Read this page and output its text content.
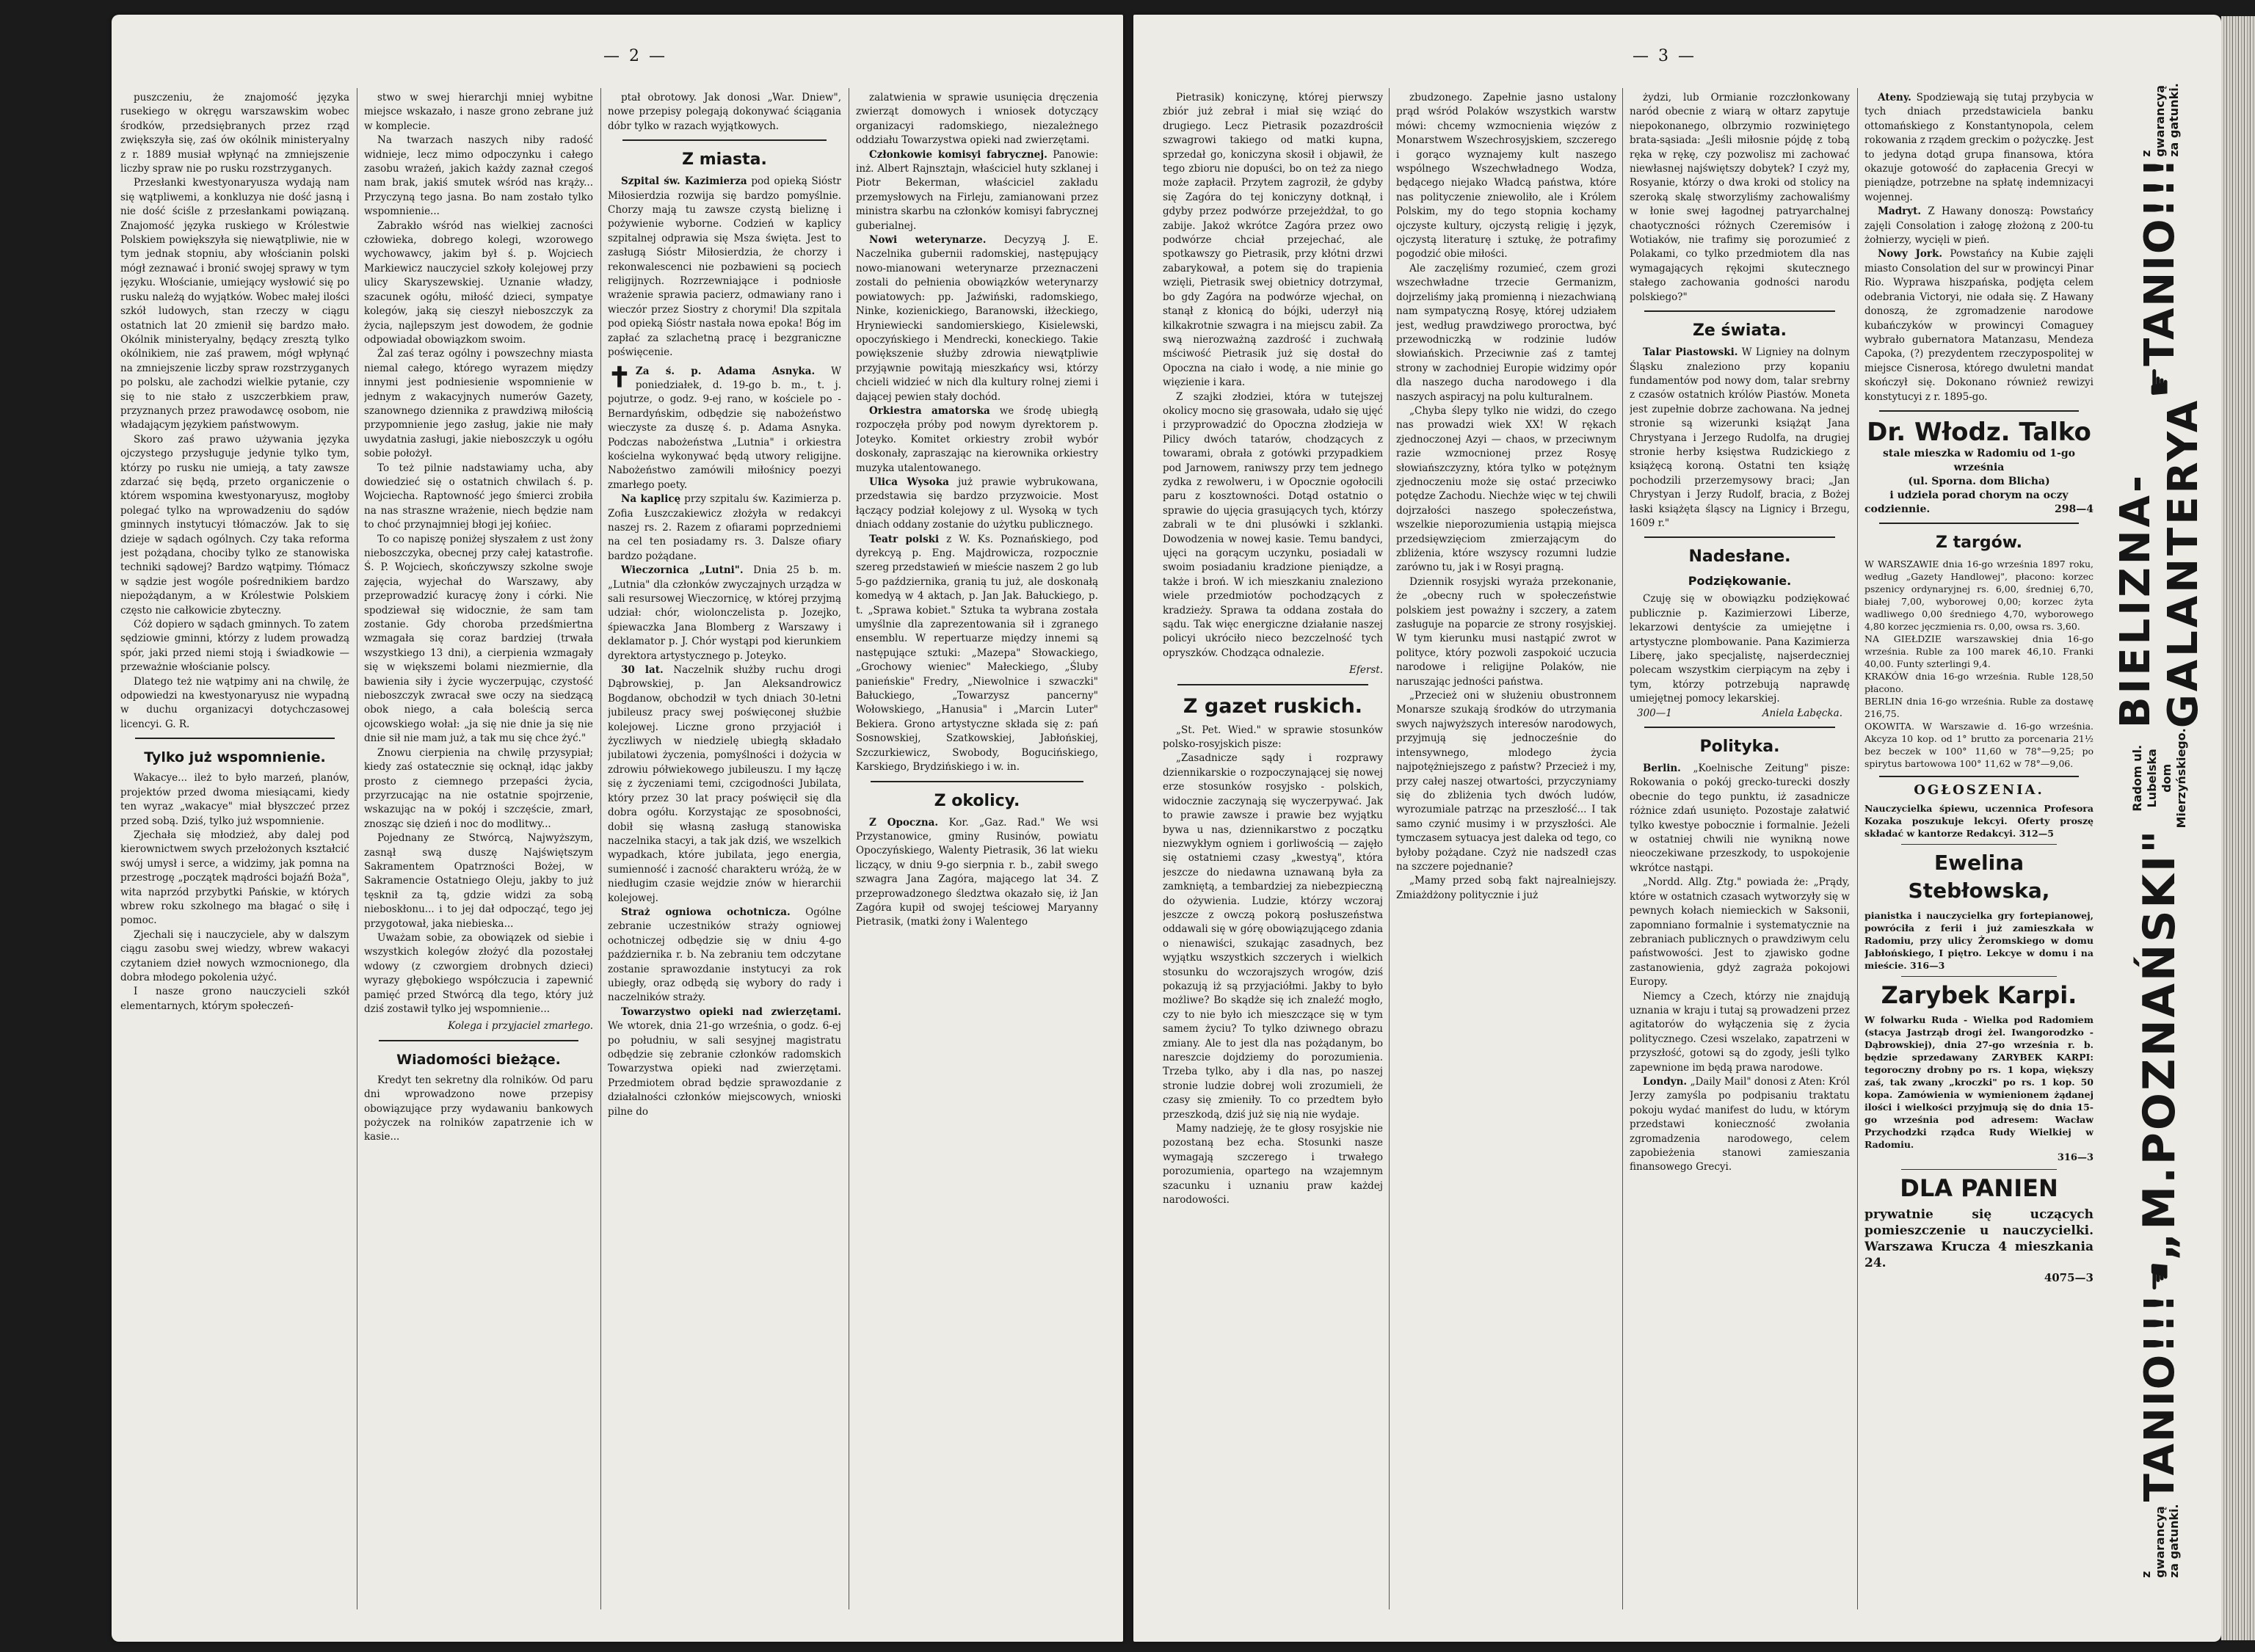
— 2 —

puszczeniu, że znajomość języka rusekiego w okręgu warszawskim wobec środków, przedsiębranych przez rząd zwiększyła się, zaś ów okólnik ministeryalny z r. 1889 musiał wpłynąć na zmniejszenie liczby spraw nie po rusku rozstrzyganych.

Przesłanki kwestyonaryusza wydają nam się wątpliwemi, a konkluzya nie dość jasną i nie dość ściśle z przesłankami powiązaną. Znajomość języka ruskiego w Królestwie Polskiem powiększyła się niewątpliwie, nie w tym jednak stopniu, aby włościanin polski mógł zeznawać i bronić swojej sprawy w tym języku. Włościanie, umiejący wysłowić się po rusku należą do wyjątków. Wobec małej ilości szkół ludowych, stan rzeczy w ciągu ostatnich lat 20 zmienił się bardzo mało. Okólnik ministeryalny, będący zresztą tylko okólnikiem, nie zaś prawem, mógł wpłynąć na zmniejszenie liczby spraw rozstrzyganych po polsku, ale zachodzi wielkie pytanie, czy się to nie stało z uszczerbkiem praw, przyznanych przez prawodawcę osobom, nie władającym językiem państwowym.

Skoro zaś prawo używania języka ojczystego przysługuje jedynie tylko tym, którzy po rusku nie umieją, a taty zawsze zdarzać się będą, przeto organiczenie o którem wspomina kwestyonaryusz, mogłoby polegać tylko na wprowadzeniu do sądów gminnych instytucyi tłómaczów. Jak to się dzieje w sądach ogólnych. Czy taka reforma jest pożądana, chociby tylko ze stanowiska techniki sądowej? Bardzo wątpimy. Tłómacz w sądzie jest wogóle pośrednikiem bardzo niepożądanym, a w Królestwie Polskiem często nie całkowicie zbyteczny.

Cóż dopiero w sądach gminnych. To zatem sędziowie gminni, którzy z ludem prowadzą spór, jaki przed niemi stoją i świadkowie — przeważnie włościanie polscy.

Dlatego też nie wątpimy ani na chwilę, że odpowiedzi na kwestyonaryusz nie wypadną w duchu organizacyi dotychczasowej licencyi. G. R.

Tylko już wspomnienie.

Wakacye... ileż to było marzeń, planów, projektów przed dwoma miesiącami, kiedy ten wyraz „wakacye" miał błyszczeć przez przed sobą. Dziś, tylko już wspomnienie.

Zjechała się młodzież, aby dalej pod kierownictwem swych przełożonych kształcić swój umysł i serce, a widzimy, jak pomna na przestrogę „początek mądrości bojaźń Boża", wita naprzód przybytki Pańskie, w których wbrew roku szkolnego ma błagać o siłę i pomoc.

Zjechali się i nauczyciele, aby w dalszym ciągu zasobu swej wiedzy, wbrew wakacyi czytaniem dzieł nowych wzmocnionego, dla dobra młodego pokolenia użyć.

I nasze grono nauczycieli szkół elementarnych, którym społeczeń-

stwo w swej hierarchji mniej wybitne miejsce wskazało, i nasze grono zebrane już w komplecie.

Na twarzach naszych niby radość widnieje, lecz mimo odpoczynku i całego zasobu wrażeń, jakich każdy zaznał czegoś nam brak, jakiś smutek wśród nas krąży... Przyczyną tego jasna. Bo nam zostało tylko wspomnienie...

Zabrakło wśród nas wielkiej zacności człowieka, dobrego kolegi, wzorowego wychowawcy, jakim był ś. p. Wojciech Markiewicz nauczyciel szkoły kolejowej przy ulicy Skaryszewskiej. Uznanie władzy, szacunek ogółu, miłość dzieci, sympatye kolegów, jaką się cieszył nieboszczyk za życia, najlepszym jest dowodem, że godnie odpowiadał obowiązkom swoim.

Żal zaś teraz ogólny i powszechny miasta niemal całego, którego wyrazem między innymi jest podniesienie wspomnienie w jednym z wakacyjnych numerów Gazety, szanownego dziennika z prawdziwą miłością przypomnienie jego zasług, jakie nie mały uwydatnia zasługi, jakie nieboszczyk u ogółu sobie położył.

To też pilnie nadstawiamy ucha, aby dowiedzieć się o ostatnich chwilach ś. p. Wojciecha. Raptowność jego śmierci zrobiła na nas straszne wrażenie, niech będzie nam to choć przynajmniej błogi jej końiec.

To co napiszę poniżej słyszałem z ust żony nieboszczyka, obecnej przy całej katastrofie. Ś. P. Wojciech, skończywszy szkolne swoje zajęcia, wyjechał do Warszawy, aby przeprowadzić kuracyę żony i córki. Nie spodziewał się widocznie, że sam tam zostanie. Gdy choroba przedśmiertna wzmagała się coraz bardziej (trwała wszystkiego 13 dni), a cierpienia wzmagały się w większemi bolami niezmiernie, dla bawienia siły i życie wyczerpując, czystość nieboszczyk zwracał swe oczy na siedzącą obok niego, a cała boleścią serca ojcowskiego wołał: „ja się nie dnie ja się nie dnie sił nie mam już, a tak mu się chce żyć."

Znowu cierpienia na chwilę przysypiał; kiedy zaś ostatecznie się ocknął, idąc jakby prosto z ciemnego przepaści życia, przyrzucając na nie ostatnie spojrzenie, wskazując na w pokój i szczęście, zmarł, znosząc się dzień i noc do modlitwy...

Pojednany ze Stwórcą, Najwyższym, zasnął swą duszę Najświętszym Sakramentem Opatrzności Bożej, w Sakramencie Ostatniego Oleju, jakby to już tęsknił za tą, gdzie widzi za sobą nieboskłonu... i to jej dał odpocząć, tego jej przygotował, jaka niebieska...

Uważam sobie, za obowiązek od siebie i wszystkich kolegów złożyć dla pozostałej wdowy (z czworgiem drobnych dzieci) wyrazy głębokiego współczucia i zapewnić pamięć przed Stwórcą dla tego, który już dziś zostawił tylko jej wspomnienie...

Kolega i przyjaciel zmarłego.
Wiadomości bieżące.

Kredyt ten sekretny dla rolników. Od paru dni wprowadzono nowe przepisy obowiązujące przy wydawaniu bankowych pożyczek na rolników zapatrzenie ich w kasie...

ptał obrotowy. Jak donosi „War. Dniew", nowe przepisy polegają dokonywać ściągania dóbr tylko w razach wyjątkowych.

Z miasta.

Szpital św. Kazimierza pod opieką Sióstr Miłosierdzia rozwija się bardzo pomyślnie. Chorzy mają tu zawsze czystą bieliznę i pożywienie wyborne. Codzień w kaplicy szpitalnej odprawia się Msza święta. Jest to zasługą Sióstr Miłosierdzia, że chorzy i rekonwalescenci nie pozbawieni są pociech religijnych. Rozrzewniające i podniosłe wrażenie sprawia pacierz, odmawiany rano i wieczór przez Siostry z chorymi! Dla szpitala pod opieką Sióstr nastała nowa epoka! Bóg im zapłać za szlachetną pracę i bezgraniczne poświęcenie.

✝ Za ś. p. Adama Asnyka. W poniedziałek, d. 19-go b. m., t. j. pojutrze, o godz. 9-ej rano, w kościele po - Bernardyńskim, odbędzie się nabożeństwo wieczyste za duszę ś. p. Adama Asnyka. Podczas nabożeństwa „Lutnia" i orkiestra kościelna wykonywać będą utwory religijne. Nabożeństwo zamówili miłośnicy poezyi zmarłego poety.

Na kaplicę przy szpitalu św. Kazimierza p. Zofia Łuszczakiewicz złożyła w redakcyi naszej rs. 2. Razem z ofiarami poprzedniemi na cel ten posiadamy rs. 3. Dalsze ofiary bardzo pożądane.

Wieczornica „Lutni". Dnia 25 b. m. „Lutnia" dla członków zwyczajnych urządza w sali resursowej Wieczornicę, w której przyjmą udział: chór, wiolonczelista p. Jozejko, śpiewaczka Jana Blomberg z Warszawy i deklamator p. J. Chór wystąpi pod kierunkiem dyrektora artystycznego p. Joteyko.

30 lat. Naczelnik służby ruchu drogi Dąbrowskiej, p. Jan Aleksandrowicz Bogdanow, obchodził w tych dniach 30-letni jubileusz pracy swej poświęconej służbie kolejowej. Liczne grono przyjaciół i życzliwych w niedzielę ubiegłą składało jubilatowi życzenia, pomyślności i dożycia w zdrowiu półwiekowego jubileuszu. I my łączę się z życzeniami temi, czcigodności Jubilata, który przez 30 lat pracy poświęcił się dla dobra ogółu. Korzystając ze sposobności, dobił się własną zasługą stanowiska naczelnika stacyi, a tak jak dziś, we wszelkich wypadkach, które jubilata, jego energia, sumienność i zacność charakteru wróżą, że w niedługim czasie wejdzie znów w hierarchii kolejowej.

Straż ogniowa ochotnicza. Ogólne zebranie uczestników straży ogniowej ochotniczej odbędzie się w dniu 4-go października r. b. Na zebraniu tem odczytane zostanie sprawozdanie instytucyi za rok ubiegły, oraz odbędą się wybory do rady i naczelników straży.

Towarzystwo opieki nad zwierzętami. We wtorek, dnia 21-go września, o godz. 6-ej po południu, w sali sesyjnej magistratu odbędzie się zebranie członków radomskich Towarzystwa opieki nad zwierzętami. Przedmiotem obrad będzie sprawozdanie z działalności członków miejscowych, wnioski pilne do

zalatwienia w sprawie usunięcia dręczenia zwierząt domowych i wniosek dotyczący organizacyi radomskiego, niezależnego oddziału Towarzystwa opieki nad zwierzętami.

Członkowie komisyi fabrycznej. Panowie: inż. Albert Rajnsztajn, właściciel huty szklanej i Piotr Bekerman, właściciel zakładu przemysłowych na Firleju, zamianowani przez ministra skarbu na członków komisyi fabrycznej guberialnej.

Nowi weterynarze. Decyzyą J. E. Naczelnika gubernii radomskiej, następujący nowo-mianowani weterynarze przeznaczeni zostali do pełnienia obowiązków weterynarzy powiatowych: pp. Jaźwiński, radomskiego, Ninke, kozienickiego, Baranowski, iłżeckiego, Hryniewiecki sandomierskiego, Kisielewski, opoczyńskiego i Mendrecki, koneckiego. Takie powiększenie służby zdrowia niewątpliwie przyjąwnie powitają mieszkańcy wsi, którzy chcieli widzieć w nich dla kultury rolnej ziemi i dającej pewien stały dochód.

Orkiestra amatorska we środę ubiegłą rozpoczęła próby pod nowym dyrektorem p. Joteyko. Komitet orkiestry zrobił wybór doskonały, zapraszając na kierownika orkiestry muzyka utalentowanego.

Ulica Wysoka już prawie wybrukowana, przedstawia się bardzo przyzwoicie. Most łączący podział kolejowy z ul. Wysoką w tych dniach oddany zostanie do użytku publicznego.

Teatr polski z W. Ks. Poznańskiego, pod dyrekcyą p. Eng. Majdrowicza, rozpocznie szereg przedstawień w mieście naszem 2 go lub 5-go października, granią tu już, ale doskonałą komedyą w 4 aktach, p. Jan Jak. Bałuckiego, p. t. „Sprawa kobiet." Sztuka ta wybrana została umyślnie dla zaprezentowania sił i zgranego ensemblu. W repertuarze między innemi są następujące sztuki: „Mazepa" Słowackiego, „Grochowy wieniec" Małeckiego, „Śluby panieńskie" Fredry, „Niewolnice i szwaczki" Bałuckiego, „Towarzysz pancerny" Wołowskiego, „Hanusia" i „Marcin Luter" Bekiera. Grono artystyczne składa się z: pań Sosnowskiej, Szatkowskiej, Jabłońskiej, Szczurkiewicz, Swobody, Bogucińskiego, Karskiego, Brydzińskiego i w. in.

Z okolicy.

Z Opoczna. Kor. „Gaz. Rad." We wsi Przystanowice, gminy Rusinów, powiatu Opoczyńskiego, Walenty Pietrasik, 36 lat wieku liczący, w dniu 9-go sierpnia r. b., zabił swego szwagra Jana Zagóra, mającego lat 34. Z przeprowadzonego śledztwa okazało się, iż Jan Zagóra kupił od swojej teściowej Maryanny Pietrasik, (matki żony i Walentego

— 3 —

Pietrasik) koniczynę, której pierwszy zbiór już zebrał i miał się wziąć do drugiego. Lecz Pietrasik pozazdrościł szwagrowi takiego od matki kupna, sprzedał go, koniczyna skosił i objawił, że tego zbioru nie dopuści, bo on też za niego może zapłacił. Przytem zagroził, że gdyby się Zagóra do tej koniczyny dotknął, i gdyby przez podwórze przejeżdżał, to go zabije. Jakoż wkrótce Zagóra przez owo podwórze chciał przejechać, ale spotkawszy go Pietrasik, przy kłótni drzwi zabarykował, a potem się do trapienia wzięli, Pietrasik swej obietnicy dotrzymał, bo gdy Zagóra na podwórze wjechał, on stanął z kłonicą do bójki, uderzył nią kilkakrotnie szwagra i na miejscu zabił. Za swą nierozważną zazdrość i zuchwałą mściwość Pietrasik już się dostał do Opoczna na ciało i wodę, a nie minie go więzienie i kara.

Z szajki złodziei, która w tutejszej okolicy mocno się grasowała, udało się ujęć i przyprowadzić do Opoczna złodzieja w Pilicy dwóch tatarów, chodzących z towarami, obrała z gotówki przypadkiem pod Jarnowem, raniwszy przy tem jednego zydka z rewolweru, i w Opocznie ogołocili paru z kosztowności. Dotąd ostatnio o sprawie do ujęcia grasujących tych, którzy zabrali w te dni plusówki i szklanki. Dowodzenia w nowej kasie. Temu bandyci, ujęci na gorącym uczynku, posiadali w swoim posiadaniu kradzione pieniądze, a także i broń. W ich mieszkaniu znaleziono wiele przedmiotów pochodzących z kradzieży. Sprawa ta oddana została do sądu. Tak więc energiczne działanie naszej policyi ukróciło nieco bezczelność tych opryszków. Chodząca odnalezie.

Eferst.
Z gazet ruskich.

„St. Pet. Wied." w sprawie stosunków polsko-rosyjskich pisze:

„Zasadnicze sądy i rozprawy dziennikarskie o rozpoczynającej się nowej erze stosunków rosyjsko - polskich, widocznie zaczynają się wyczerpywać. Jak to prawie zawsze i prawie bez wyjątku bywa u nas, dziennikarstwo z początku niezwykłym ogniem i gorliwością — zajęło się ostatniemi czasy „kwestyą", która jeszcze do niedawna uznawaną była za zamkniętą, a tembardziej za niebezpieczną do ożywienia. Ludzie, którzy wczoraj jeszcze z owczą pokorą posłuszeństwa oddawali się w górę obowiązującego zdania o nienawiści, szukając zasadnych, bez wyjątku wszystkich szczerych i wielkich stosunku do wczorajszych wrogów, dziś pokazują iż są przyjaciółmi. Jakby to było możliwe? Bo skądże się ich znaleźć mogło, czy to nie było ich mieszczące się w tym samem życiu? To tylko dziwnego obrazu zmiany. Ale to jest dla nas pożądanym, bo nareszcie dojdziemy do porozumienia. Trzeba tylko, aby i dla nas, po naszej stronie ludzie dobrej woli zrozumieli, że czasy się zmieniły. To co przedtem było przeszkodą, dziś już się nią nie wydaje.

Mamy nadzieję, że te głosy rosyjskie nie pozostaną bez echa. Stosunki nasze wymagają szczerego i trwałego porozumienia, opartego na wzajemnym szacunku i uznaniu praw każdej narodowości.

zbudzonego. Zapełnie jasno ustalony prąd wśród Polaków wszystkich warstw mówi: chcemy wzmocnienia więzów z Monarstwem Wszechrosyjskiem, szczerego i gorąco wyznajemy kult naszego wspólnego Wszechwładnego Wodza, będącego niejako Władcą państwa, które nas polityczenie zniewoliło, ale i Królem Polskim, my do tego stopnia kochamy ojczyste kultury, ojczystą religię i język, ojczystą literaturę i sztukę, że potrafimy pogodzić obie miłości.

Ale zaczęliśmy rozumieć, czem grozi wszechwładne trzecie Germanizm, dojrzeliśmy jaką promienną i niezachwianą nam sympatyczną Rosyę, której udziałem jest, według prawdziwego proroctwa, być przewodniczką w rodzinie ludów słowiańskich. Przeciwnie zaś z tamtej strony w zachodniej Europie widzimy opór dla naszego ducha narodowego i dla naszych aspiracyj na polu kulturalnem.

„Chyba ślepy tylko nie widzi, do czego nas prowadzi wiek XX! W rękach zjednoczonej Azyi — chaos, w przeciwnym razie wzmocnionej przez Rosyę słowiańszczyzny, która tylko w potężnym zjednoczeniu może się ostać przeciwko potędze Zachodu. Niechże więc w tej chwili dojrzałości naszego społeczeństwa, wszelkie nieporozumienia ustąpią miejsca przedsięwzięciom zmierzającym do zbliżenia, które wszyscy rozumni ludzie zarówno tu, jak i w Rosyi pragną.

Dziennik rosyjski wyraża przekonanie, że „obecny ruch w społeczeństwie polskiem jest poważny i szczery, a zatem zasługuje na poparcie ze strony rosyjskiej. W tym kierunku musi nastąpić zwrot w polityce, który pozwoli zaspokoić uczucia narodowe i religijne Polaków, nie naruszając jedności państwa.

„Przecież oni w służeniu obustronnem Monarsze szukają środków do utrzymania swych najwyższych interesów narodowych, przyjmują się jednocześnie do intensywnego, mlodego życia najpotężniejszego z państw? Przecież i my, przy całej naszej otwartości, przyczyniamy się do zbliżenia tych dwóch ludów, wyrozumiale patrząc na przeszłość... I tak samo czynić musimy i w przyszłości. Ale tymczasem sytuacya jest daleka od tego, co byłoby pożądane. Czyż nie nadszedł czas na szczere pojednanie?

„Mamy przed sobą fakt najrealniejszy. Zmiażdżony politycznie i już

żydzi, lub Ormianie rozczłonkowany naród obecnie z wiarą w ołtarz zapytuje niepokonanego, olbrzymio rozwiniętego brata-sąsiada: „Jeśli miłosnie pójdę z tobą ręka w rękę, czy pozwolisz mi zachować niewłasnej najświętszy dobytek? I czyż my, Rosyanie, którzy o dwa kroki od stolicy na szeroką skalę stworzyliśmy zachowaliśmy w łonie swej łagodnej patryarchalnej chaotyczności różnych Czeremisów i Wotiaków, nie trafimy się porozumieć z Polakami, co tylko przedmiotem dla nas wymagających rękojmi skutecznego stałego zachowania godności narodu polskiego?"

Ze świata.

Talar Piastowski. W Ligniey na dolnym Śląsku znaleziono przy kopaniu fundamentów pod nowy dom, talar srebrny z czasów ostatnich królów Piastów. Moneta jest zupełnie dobrze zachowana. Na jednej stronie są wizerunki książąt Jana Chrystyana i Jerzego Rudolfa, na drugiej stronie herby księstwa Rudzickiego z książęcą koroną. Ostatni ten książę pochodzili przerzemysowy braci; „Jan Chrystyan i Jerzy Rudolf, bracia, z Bożej łaski książęta śląscy na Lignicy i Brzegu, 1609 r."

Nadesłane.
Podziękowanie.

Czuję się w obowiązku podziękować publicznie p. Kazimierzowi Liberze, lekarzowi dentyście za umiejętne i artystyczne plombowanie. Pana Kazimierza Liberę, jako specjalistę, najserdeczniej polecam wszystkim cierpiącym na zęby i tym, którzy potrzebują naprawdę umiejętnej pomocy lekarskiej.

300—1	Aniela Łabęcka.
Polityka.

Berlin. „Koelnische Zeitung" pisze: Rokowania o pokój grecko-turecki doszły obecnie do tego punktu, iż zasadnicze różnice zdań usunięto. Pozostaje załatwić tylko kwestye pobocznie i formalnie. Jeżeli w ostatniej chwili nie wynikną nowe nieoczekiwane przeszkody, to uspokojenie wkrótce nastąpi.

„Nordd. Allg. Ztg." powiada że: „Prądy, które w ostatnich czasach wytworzyły się w pewnych kołach niemieckich w Saksonii, zapomniano formalnie i systematycznie na zebraniach publicznych o prawdziwym celu państwowości. Jest to zjawisko godne zastanowienia, gdyż zagraża pokojowi Europy.

Niemcy a Czech, którzy nie znajdują uznania w kraju i tutaj są prowadzeni przez agitatorów do wyłączenia się z życia politycznego. Czesi wszelako, zapatrzeni w przyszłość, gotowi są do zgody, jeśli tylko zapewnione im będą prawa narodowe.

Londyn. „Daily Mail" donosi z Aten: Król Jerzy zamyśla po podpisaniu traktatu pokoju wydać manifest do ludu, w którym przedstawi konieczność zwołania zgromadzenia narodowego, celem zapobieżenia stanowi zamieszania finansowego Grecyi.

Ateny. Spodziewają się tutaj przybycia w tych dniach przedstawiciela banku ottomańskiego z Konstantynopola, celem rokowania z rządem greckim o pożyczkę. Jest to jedyna dotąd grupa finansowa, która okazuje gotowość do zapłacenia Grecyi w pieniądze, potrzebne na spłatę indemnizacyi wojennej.

Madryt. Z Hawany donoszą: Powstańcy zajęli Consolation i załogę złożoną z 200-tu żołnierzy, wycięli w pień.

Nowy Jork. Powstańcy na Kubie zajęli miasto Consolation del sur w prowincyi Pinar Rio. Wyprawa hiszpańska, podjęta celem odebrania Victoryi, nie odała się. Z Hawany donoszą, że zgromadzenie narodowe kubańczyków w prowincyi Comaguey wybrało gubernatora Matanzasu, Mendeza Capoka, (?) prezydentem rzeczypospolitej w miejsce Cisnerosa, którego dwuletni mandat skończył się. Dokonano również rewizyi konstytucyi z r. 1895-go.

Dr. Włodz. Talko
stale mieszka w Radomiu od 1-go
września
(ul. Sporna. dom Blicha)
i udziela porad chorym na oczy
codziennie.	298—4
Z targów.
W WARSZAWIE dnia 16-go września 1897 roku, według „Gazety Handlowej", płacono: korzec pszenicy ordynaryjnej rs. 6,00, średniej 6,70, białej 7,00, wyborowej 0,00; korzec żyta wadliwego 0,00 średniego 4,70, wyborowego 4,80 korzec jęczmienia rs. 0,00, owsa rs. 3,60.
NA GIEŁDZIE warszawskiej dnia 16-go września. Ruble za 100 marek 46,10. Franki 40,00. Funty szterlingi 9,4.
KRAKÓW dnia 16-go września. Ruble 128,50 płacono.
BERLIN dnia 16-go września. Ruble za dostawę 216,75.
OKOWITA. W Warszawie d. 16-go września. Akcyza 10 kop. od 1° brutto za porcenaria 21½ bez beczek w 100° 11,60 w 78°—9,25; po spirytus bartowowa 100° 11,62 w 78°—9,06.
OGŁOSZENIA.
Nauczycielka śpiewu, uczennica Profesora Kozaka poszukuje lekcyi. Oferty proszę składać w kantorze Redakcyi. 312—5
Ewelina Stebłowska,
pianistka i nauczycielka gry fortepianowej, powróciła z ferii i już zamieszkała w Radomiu, przy ulicy Żeromskiego w domu Jabłońskiego, I piętro. Lekcye w domu i na mieście. 316—3
Zarybek Karpi.
W folwarku Ruda - Wielka pod Radomiem (stacya Jastrząb drogi żel. Iwangorodzko - Dąbrowskiej), dnia 27-go września r. b. będzie sprzedawany ZARYBEK KARPI: tegoroczny drobny po rs. 1 kopa, większy zaś, tak zwany „kroczki" po rs. 1 kop. 50 kopa. Zamówienia w wymienionem żądanej ilości i wielkości przyjmują się do dnia 15-go września pod adresem: Wacław Przychodzki rządca Rudy Wielkiej w Radomiu.
316—3
DLA PANIEN
prywatnie się uczących pomieszczenie u nauczycielki. Warszawa Krucza 4 mieszkania 24.
4075—3
z gwarancyą za gatunki.
TANIO!!!
☚
„M.POZNAŃSKI"
Radom ul. Lubelska
dom Mierzyńskiego.
BIELIZNA-GALANTERYA
☛
TANIO!!!
z gwarancyą za gatunki.
